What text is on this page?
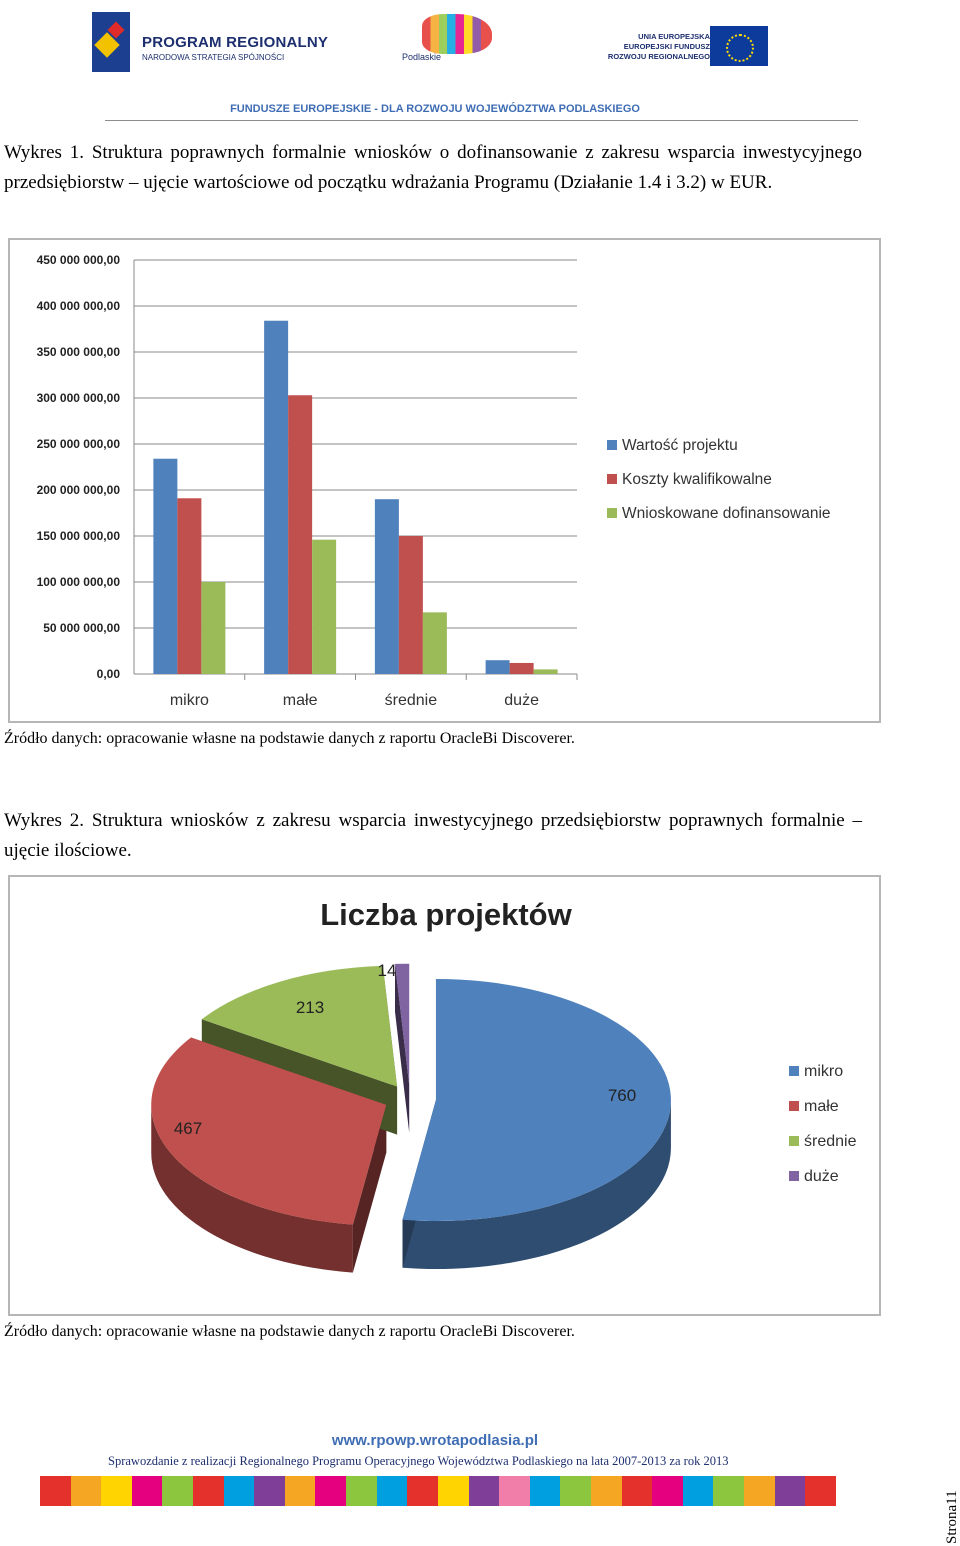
PROGRAM REGIONALNY
NARODOWA STRATEGIA SPÓJNOŚCI	Podlaskie
UNIA EUROPEJSKA
EUROPEJSKI FUNDUSZ
ROZWOJU REGIONALNEGO
FUNDUSZE EUROPEJSKIE - DLA ROZWOJU WOJEWÓDZTWA PODLASKIEGO
Wykres 1. Struktura poprawnych formalnie wniosków o dofinansowanie z zakresu wsparcia inwestycyjnego przedsiębiorstw – ujęcie wartościowe od początku wdrażania Programu (Działanie 1.4 i 3.2) w EUR.
0,00
50 000 000,00
100 000 000,00
150 000 000,00
200 000 000,00
250 000 000,00
300 000 000,00
350 000 000,00
400 000 000,00
450 000 000,00
mikro	małe	średnie	duże
Wartość projektu
Koszty kwalifikowalne
Wnioskowane dofinansowanie
Źródło danych: opracowanie własne na podstawie danych z raportu OracleBi Discoverer.
Wykres 2. Struktura wniosków z zakresu wsparcia inwestycyjnego przedsiębiorstw poprawnych formalnie – ujęcie ilościowe.
Liczba projektów
760
467
213
14
mikro
małe
średnie
duże
Źródło danych: opracowanie własne na podstawie danych z raportu OracleBi Discoverer.
www.rpowp.wrotapodlasia.pl
Sprawozdanie z realizacji Regionalnego Programu Operacyjnego Województwa Podlaskiego na lata 2007-2013 za rok 2013
Strona11
